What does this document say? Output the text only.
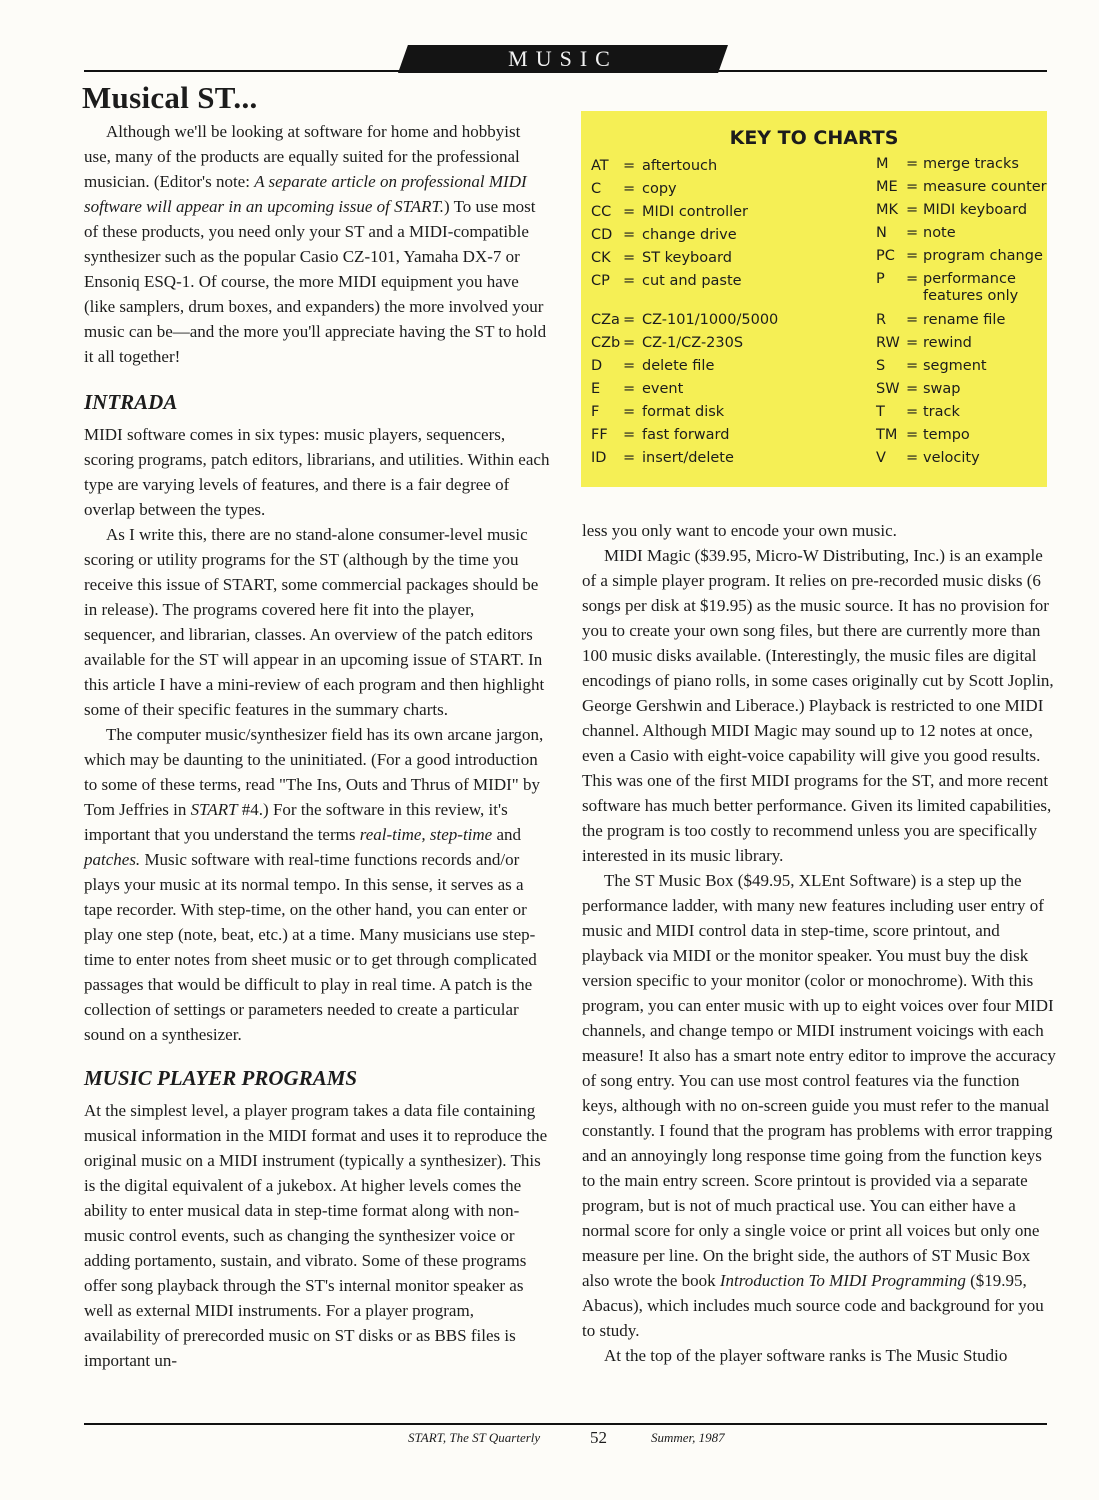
MUSIC
Musical ST...

Although we'll be looking at software for home and hobbyist use, many of the products are equally suited for the professional musician. (Editor's note: A separate article on professional MIDI software will appear in an upcoming issue of START.) To use most of these products, you need only your ST and a MIDI-compatible synthesizer such as the popular Casio CZ-101, Yamaha DX-7 or Ensoniq ESQ-1. Of course, the more MIDI equipment you have (like samplers, drum boxes, and expanders) the more involved your music can be—and the more you'll appreciate having the ST to hold it all together!

INTRADA

MIDI software comes in six types: music players, sequencers, scoring programs, patch editors, librarians, and utilities. Within each type are varying levels of features, and there is a fair degree of overlap between the types.

As I write this, there are no stand-alone consumer-level music scoring or utility programs for the ST (although by the time you receive this issue of START, some commercial packages should be in release). The programs covered here fit into the player, sequencer, and librarian, classes. An overview of the patch editors available for the ST will appear in an upcoming issue of START. In this article I have a mini-review of each program and then highlight some of their specific features in the summary charts.

The computer music/synthesizer field has its own arcane jargon, which may be daunting to the uninitiated. (For a good introduction to some of these terms, read "The Ins, Outs and Thrus of MIDI" by Tom Jeffries in START #4.) For the software in this review, it's important that you understand the terms real-time, step-time and patches. Music software with real-time functions records and/or plays your music at its normal tempo. In this sense, it serves as a tape recorder. With step-time, on the other hand, you can enter or play one step (note, beat, etc.) at a time. Many musicians use step-time to enter notes from sheet music or to get through complicated passages that would be difficult to play in real time. A patch is the collection of settings or parameters needed to create a particular sound on a synthesizer.

MUSIC PLAYER PROGRAMS

At the simplest level, a player program takes a data file containing musical information in the MIDI format and uses it to reproduce the original music on a MIDI instrument (typically a synthesizer). This is the digital equivalent of a jukebox. At higher levels comes the ability to enter musical data in step-time format along with non-music control events, such as changing the synthesizer voice or adding portamento, sustain, and vibrato. Some of these programs offer song playback through the ST's internal monitor speaker as well as external MIDI instruments. For a player program, availability of prerecorded music on ST disks or as BBS files is important un-

KEY TO CHARTS
AT = aftertouch
C = copy
CC = MIDI controller
CD = change drive
CK = ST keyboard
CP = cut and paste
CZa = CZ-101/1000/5000
CZb = CZ-1/CZ-230S
D = delete file
E = event
F = format disk
FF = fast forward
ID = insert/delete
M = merge tracks
ME = measure counter
MK = MIDI keyboard
N = note
PC = program change
P = performance
features only
R = rename file
RW = rewind
S = segment
SW = swap
T = track
TM = tempo
V = velocity

less you only want to encode your own music.

MIDI Magic ($39.95, Micro-W Distributing, Inc.) is an example of a simple player program. It relies on pre-recorded music disks (6 songs per disk at $19.95) as the music source. It has no provision for you to create your own song files, but there are currently more than 100 music disks available. (Interestingly, the music files are digital encodings of piano rolls, in some cases originally cut by Scott Joplin, George Gershwin and Liberace.) Playback is restricted to one MIDI channel. Although MIDI Magic may sound up to 12 notes at once, even a Casio with eight-voice capability will give you good results. This was one of the first MIDI programs for the ST, and more recent software has much better performance. Given its limited capabilities, the program is too costly to recommend unless you are specifically interested in its music library.

The ST Music Box ($49.95, XLEnt Software) is a step up the performance ladder, with many new features including user entry of music and MIDI control data in step-time, score printout, and playback via MIDI or the monitor speaker. You must buy the disk version specific to your monitor (color or monochrome). With this program, you can enter music with up to eight voices over four MIDI channels, and change tempo or MIDI instrument voicings with each measure! It also has a smart note entry editor to improve the accuracy of song entry. You can use most control features via the function keys, although with no on-screen guide you must refer to the manual constantly. I found that the program has problems with error trapping and an annoyingly long response time going from the function keys to the main entry screen. Score printout is provided via a separate program, but is not of much practical use. You can either have a normal score for only a single voice or print all voices but only one measure per line. On the bright side, the authors of ST Music Box also wrote the book Introduction To MIDI Programming ($19.95, Abacus), which includes much source code and background for you to study.

At the top of the player software ranks is The Music Studio

START, The ST Quarterly	52	Summer, 1987
